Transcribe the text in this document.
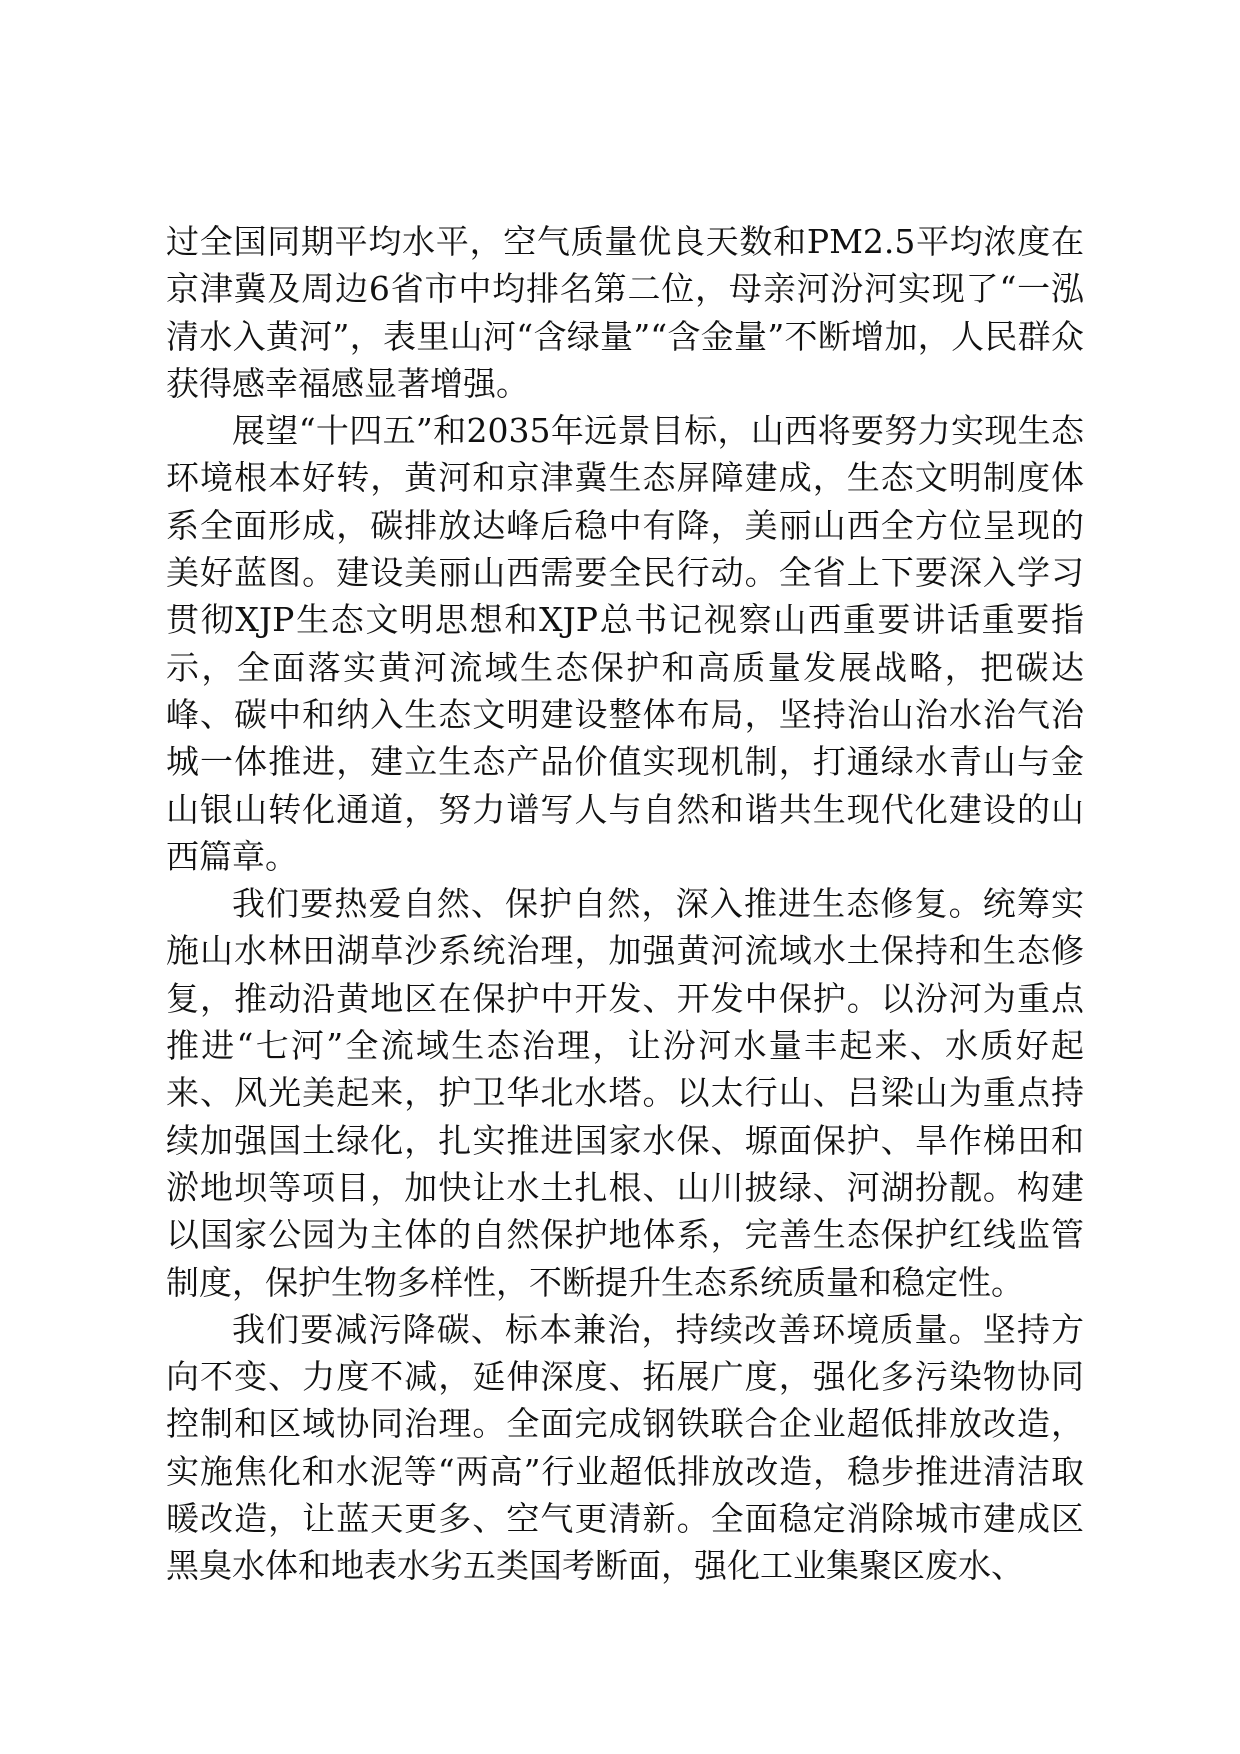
过全国同期平均水平，空气质量优良天数和PM2.5平均浓度在京津冀及周边6省市中均排名第二位，母亲河汾河实现了“一泓清水入黄河”，表里山河“含绿量”“含金量”不断增加，人民群众获得感幸福感显著增强。

展望“十四五”和2035年远景目标，山西将要努力实现生态环境根本好转，黄河和京津冀生态屏障建成，生态文明制度体系全面形成，碳排放达峰后稳中有降，美丽山西全方位呈现的美好蓝图。建设美丽山西需要全民行动。全省上下要深入学习贯彻XJP生态文明思想和XJP总书记视察山西重要讲话重要指示，全面落实黄河流域生态保护和高质量发展战略，把碳达峰、碳中和纳入生态文明建设整体布局，坚持治山治水治气治城一体推进，建立生态产品价值实现机制，打通绿水青山与金山银山转化通道，努力谱写人与自然和谐共生现代化建设的山西篇章。

我们要热爱自然、保护自然，深入推进生态修复。统筹实施山水林田湖草沙系统治理，加强黄河流域水土保持和生态修复，推动沿黄地区在保护中开发、开发中保护。以汾河为重点推进“七河”全流域生态治理，让汾河水量丰起来、水质好起来、风光美起来，护卫华北水塔。以太行山、吕梁山为重点持续加强国土绿化，扎实推进国家水保、塬面保护、旱作梯田和淤地坝等项目，加快让水土扎根、山川披绿、河湖扮靓。构建以国家公园为主体的自然保护地体系，完善生态保护红线监管制度，保护生物多样性，不断提升生态系统质量和稳定性。

我们要减污降碳、标本兼治，持续改善环境质量。坚持方向不变、力度不减，延伸深度、拓展广度，强化多污染物协同控制和区域协同治理。全面完成钢铁联合企业超低排放改造，实施焦化和水泥等“两高”行业超低排放改造，稳步推进清洁取暖改造，让蓝天更多、空气更清新。全面稳定消除城市建成区黑臭水体和地表水劣五类国考断面，强化工业集聚区废水、
